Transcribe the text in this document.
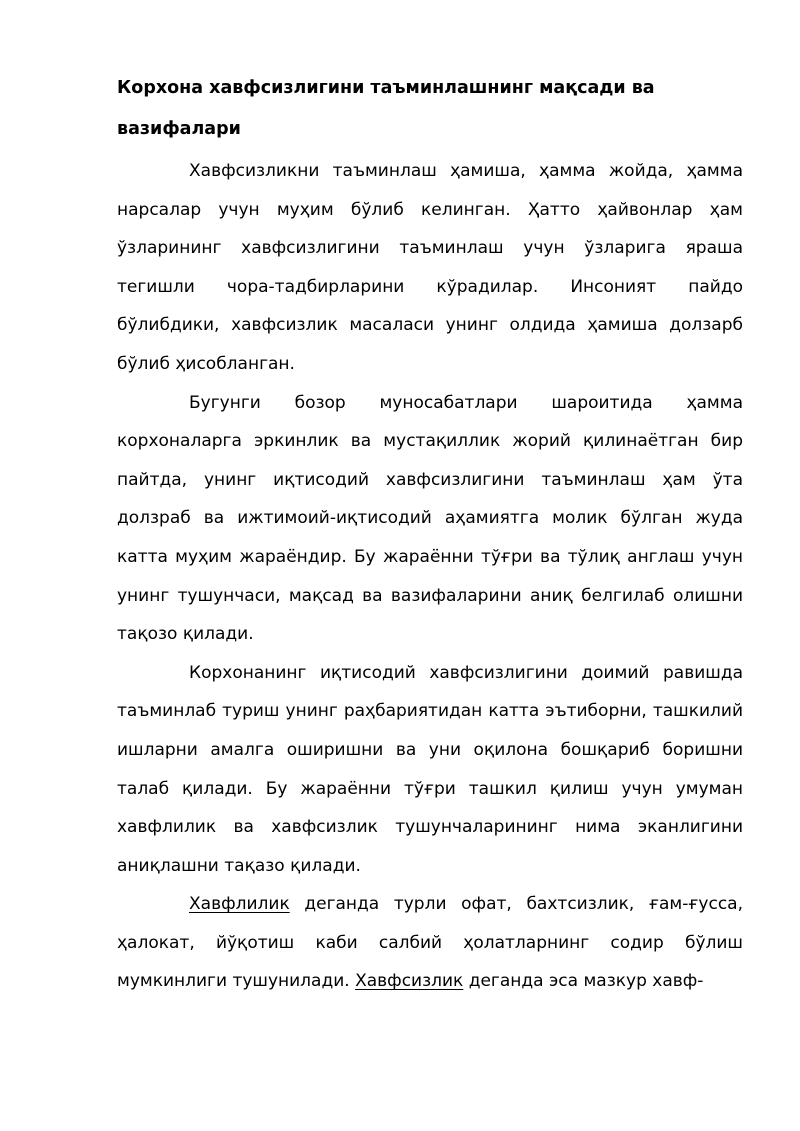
Корхона хавфсизлигини таъминлашнинг мақсади ва вазифалари

Хавфсизликни таъминлаш ҳамиша, ҳамма жойда, ҳамма нарсалар учун муҳим бўлиб келинган. Ҳатто ҳайвонлар ҳам ўзларининг хавфсизлигини таъминлаш учун ўзларига яраша тегишли чора-тадбирларини кўрадилар. Инсоният пайдо бўлибдики, хавфсизлик масаласи унинг олдида ҳамиша долзарб бўлиб ҳисобланган.

Бугунги бозор муносабатлари шароитида ҳамма корхоналарга эркинлик ва мустақиллик жорий қилинаётган бир пайтда, унинг иқтисодий хавфсизлигини таъминлаш ҳам ўта долзраб ва ижтимоий-иқтисодий аҳамиятга молик бўлган жуда катта муҳим жараёндир. Бу жараённи тўғри ва тўлиқ англаш учун унинг тушунчаси, мақсад ва вазифаларини аниқ белгилаб олишни тақозо қилади.

Корхонанинг иқтисодий хавфсизлигини доимий равишда таъминлаб туриш унинг раҳбариятидан катта эътиборни, ташкилий ишларни амалга оширишни ва уни оқилона бошқариб боришни талаб қилади. Бу жараённи тўғри ташкил қилиш учун умуман хавфлилик ва хавфсизлик тушунчаларининг нима эканлигини аниқлашни тақазо қилади.

Хавфлилик деганда турли офат, бахтсизлик, ғам-ғусса, ҳалокат, йўқотиш каби салбий ҳолатларнинг содир бўлиш мумкинлиги тушунилади. Хавфсизлик деганда эса мазкур хавф-
